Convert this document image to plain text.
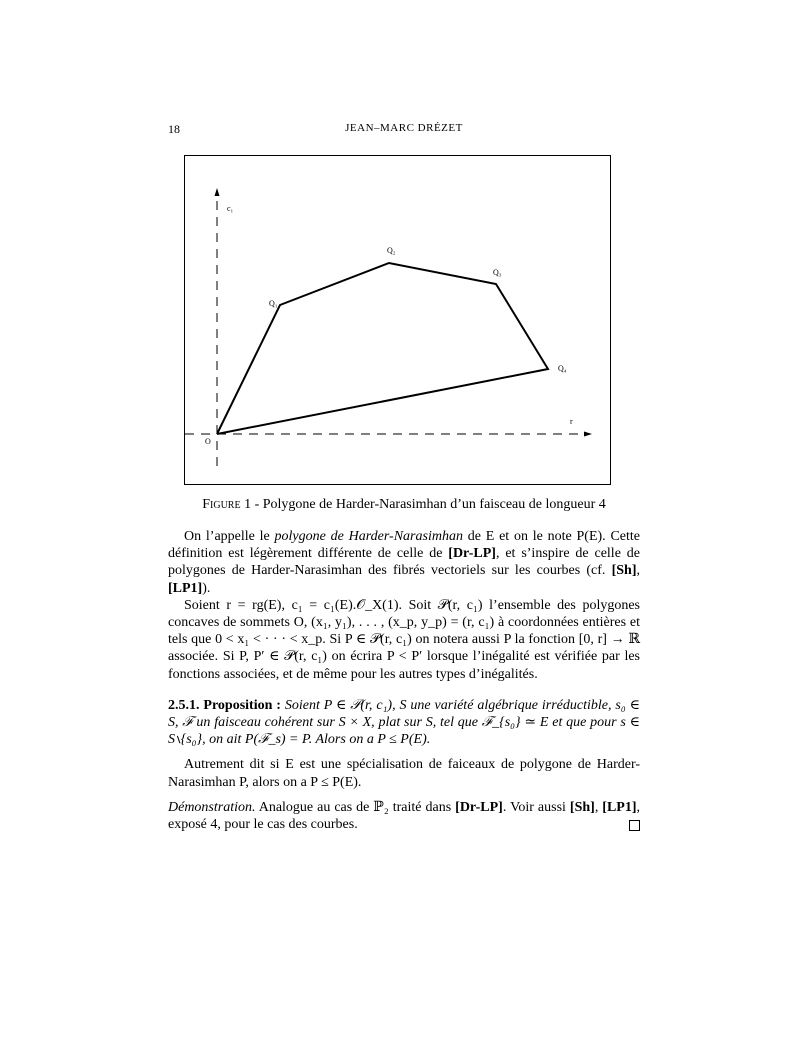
18	JEAN–MARC DRÉZET
c₁
r
O
Q₁
Q₂
Q₃
Q₄
Figure 1 - Polygone de Harder-Narasimhan d’un faisceau de longueur 4

On l’appelle le polygone de Harder-Narasimhan de E et on le note P(E). Cette définition est légèrement différente de celle de [Dr-LP], et s’inspire de celle de polygones de Harder-Narasimhan des fibrés vectoriels sur les courbes (cf. [Sh], [LP1]).

Soient r = rg(E), c₁ = c₁(E).𝒪_X(1). Soit 𝒫(r, c₁) l’ensemble des polygones concaves de sommets O, (x₁, y₁), . . . , (x_p, y_p) = (r, c₁) à coordonnées entières et tels que 0 < x₁ < · · · < x_p. Si P ∈ 𝒫(r, c₁) on notera aussi P la fonction [0, r] → ℝ associée. Si P, P′ ∈ 𝒫(r, c₁) on écrira P < P′ lorsque l’inégalité est vérifiée par les fonctions associées, et de même pour les autres types d’inégalités.

2.5.1. Proposition : Soient P ∈ 𝒫(r, c₁), S une variété algébrique irréductible, s₀ ∈ S, ℱ un faisceau cohérent sur S × X, plat sur S, tel que ℱ_{s₀} ≃ E et que pour s ∈ S∖{s₀}, on ait P(ℱ_s) = P. Alors on a P ≤ P(E).

Autrement dit si E est une spécialisation de faiceaux de polygone de Harder-Narasimhan P, alors on a P ≤ P(E).

Démonstration. Analogue au cas de ℙ₂ traité dans [Dr-LP]. Voir aussi [Sh], [LP1], exposé 4, pour le cas des courbes.
